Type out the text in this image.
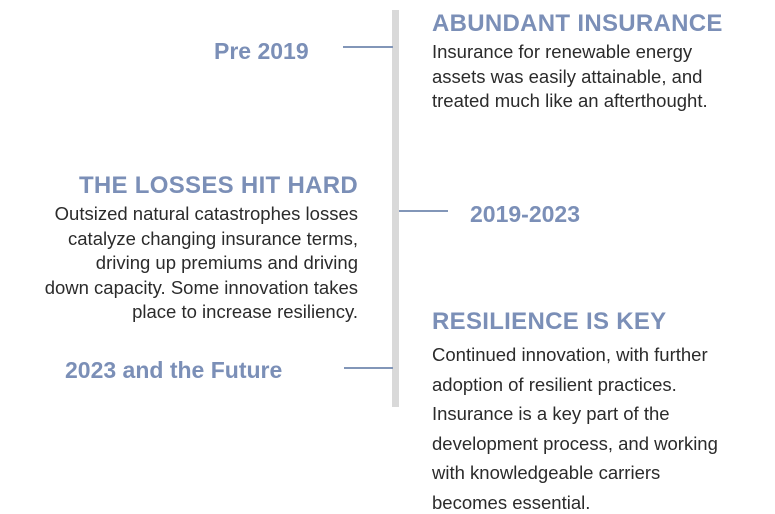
Pre 2019
ABUNDANT INSURANCE
Insurance for renewable energy
assets was easily attainable, and
treated much like an afterthought.
THE LOSSES HIT HARD
Outsized natural catastrophes losses
catalyze changing insurance terms,
driving up premiums and driving
down capacity. Some innovation takes
place to increase resiliency.
2019-2023
2023 and the Future
RESILIENCE IS KEY
Continued innovation, with further
adoption of resilient practices.
Insurance is a key part of the
development process, and working
with knowledgeable carriers
becomes essential.
